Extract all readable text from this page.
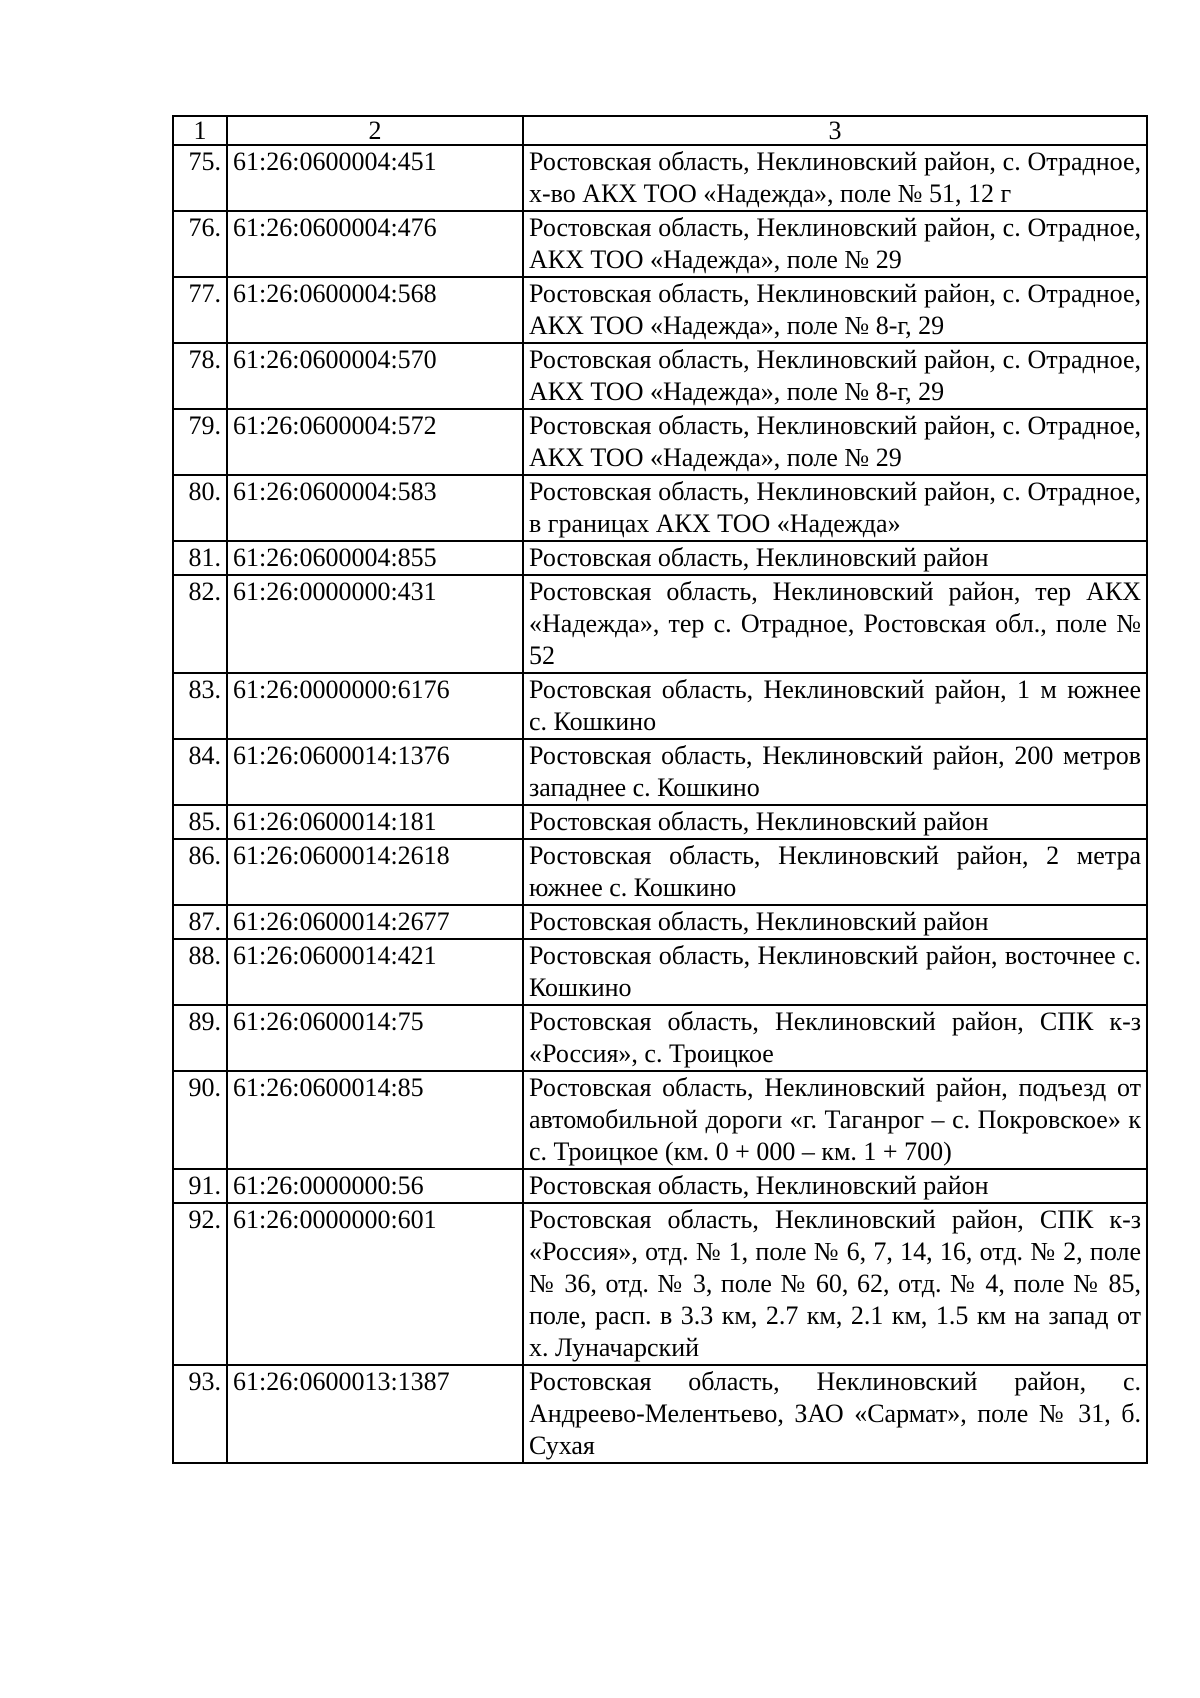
1	2	3
75.	61:26:0600004:451	Ростовская область, Неклиновский район, с. Отрадное, х-во АКХ ТОО «Надежда», поле № 51, 12 г
76.	61:26:0600004:476	Ростовская область, Неклиновский район, с. Отрадное, АКХ ТОО «Надежда», поле № 29
77.	61:26:0600004:568	Ростовская область, Неклиновский район, с. Отрадное, АКХ ТОО «Надежда», поле № 8-г, 29
78.	61:26:0600004:570	Ростовская область, Неклиновский район, с. Отрадное, АКХ ТОО «Надежда», поле № 8-г, 29
79.	61:26:0600004:572	Ростовская область, Неклиновский район, с. Отрадное, АКХ ТОО «Надежда», поле № 29
80.	61:26:0600004:583	Ростовская область, Неклиновский район, с. Отрадное, в границах АКХ ТОО «Надежда»
81.	61:26:0600004:855	Ростовская область, Неклиновский район
82.	61:26:0000000:431	Ростовская область, Неклиновский район, тер АКХ «Надежда», тер с. Отрадное, Ростовская обл., поле № 52
83.	61:26:0000000:6176	Ростовская область, Неклиновский район, 1 м южнее с. Кошкино
84.	61:26:0600014:1376	Ростовская область, Неклиновский район, 200 метров западнее с. Кошкино
85.	61:26:0600014:181	Ростовская область, Неклиновский район
86.	61:26:0600014:2618	Ростовская область, Неклиновский район, 2 метра южнее с. Кошкино
87.	61:26:0600014:2677	Ростовская область, Неклиновский район
88.	61:26:0600014:421	Ростовская область, Неклиновский район, восточнее с. Кошкино
89.	61:26:0600014:75	Ростовская область, Неклиновский район, СПК к-з «Россия», с. Троицкое
90.	61:26:0600014:85	Ростовская область, Неклиновский район, подъезд от автомобильной дороги «г. Таганрог – с. Покровское» к с. Троицкое (км. 0 + 000 – км. 1 + 700)
91.	61:26:0000000:56	Ростовская область, Неклиновский район
92.	61:26:0000000:601	Ростовская область, Неклиновский район, СПК к-з «Россия», отд. № 1, поле № 6, 7, 14, 16, отд. № 2, поле № 36, отд. № 3, поле № 60, 62, отд. № 4, поле № 85, поле, расп. в 3.3 км, 2.7 км, 2.1 км, 1.5 км на запад от х. Луначарский
93.	61:26:0600013:1387	Ростовская область, Неклиновский район, с. Андреево-Мелентьево, ЗАО «Сармат», поле № 31, б. Сухая
